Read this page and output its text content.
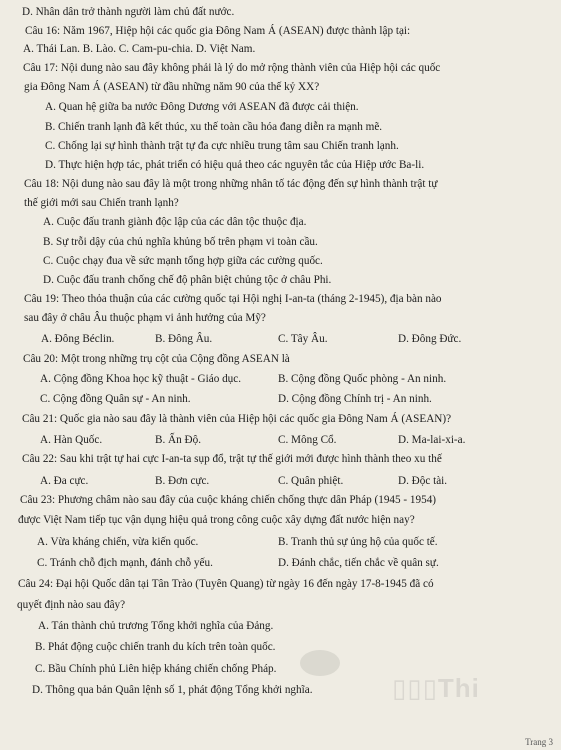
D. Nhân dân trở thành người làm chủ đất nước.
Câu 16: Năm 1967, Hiệp hội các quốc gia Đông Nam Á (ASEAN) được thành lập tại:
A. Thái Lan. B. Lào. C. Cam-pu-chia. D. Việt Nam.
Câu 17: Nội dung nào sau đây không phải là lý do mở rộng thành viên của Hiệp hội các quốc
gia Đông Nam Á (ASEAN) từ đầu những năm 90 của thế kỷ XX?
A. Quan hệ giữa ba nước Đông Dương với ASEAN đã được cải thiện.
B. Chiến tranh lạnh đã kết thúc, xu thế toàn cầu hóa đang diễn ra mạnh mẽ.
C. Chống lại sự hình thành trật tự đa cực nhiều trung tâm sau Chiến tranh lạnh.
D. Thực hiện hợp tác, phát triển có hiệu quả theo các nguyên tắc của Hiệp ước Ba-li.
Câu 18: Nội dung nào sau đây là một trong những nhân tố tác động đến sự hình thành trật tự
thế giới mới sau Chiến tranh lạnh?
A. Cuộc đấu tranh giành độc lập của các dân tộc thuộc địa.
B. Sự trỗi dậy của chủ nghĩa khủng bố trên phạm vi toàn cầu.
C. Cuộc chạy đua về sức mạnh tổng hợp giữa các cường quốc.
D. Cuộc đấu tranh chống chế độ phân biệt chủng tộc ở châu Phi.
Câu 19: Theo thỏa thuận của các cường quốc tại Hội nghị I-an-ta (tháng 2-1945), địa bàn nào
sau đây ở châu Âu thuộc phạm vi ảnh hưởng của Mỹ?
A. Đông Béclin.	B. Đông Âu.	C. Tây Âu.	D. Đông Đức.
Câu 20: Một trong những trụ cột của Cộng đồng ASEAN là
A. Cộng đồng Khoa học kỹ thuật - Giáo dục.	B. Cộng đồng Quốc phòng - An ninh.
C. Cộng đồng Quân sự - An ninh.	D. Cộng đồng Chính trị - An ninh.
Câu 21: Quốc gia nào sau đây là thành viên của Hiệp hội các quốc gia Đông Nam Á (ASEAN)?
A. Hàn Quốc.	B. Ấn Độ.	C. Mông Cổ.	D. Ma-lai-xi-a.
Câu 22: Sau khi trật tự hai cực I-an-ta sụp đổ, trật tự thế giới mới được hình thành theo xu thế
A. Đa cực.	B. Đơn cực.	C. Quân phiệt.	D. Độc tài.
Câu 23: Phương châm nào sau đây của cuộc kháng chiến chống thực dân Pháp (1945 - 1954)
được Việt Nam tiếp tục vận dụng hiệu quả trong công cuộc xây dựng đất nước hiện nay?
A. Vừa kháng chiến, vừa kiến quốc.	B. Tranh thủ sự ủng hộ của quốc tế.
C. Tránh chỗ địch mạnh, đánh chỗ yếu.	D. Đánh chắc, tiến chắc về quân sự.
Câu 24: Đại hội Quốc dân tại Tân Trào (Tuyên Quang) từ ngày 16 đến ngày 17-8-1945 đã có
quyết định nào sau đây?
A. Tán thành chủ trương Tổng khởi nghĩa của Đảng.
B. Phát động cuộc chiến tranh du kích trên toàn quốc.
C. Bầu Chính phủ Liên hiệp kháng chiến chống Pháp.
D. Thông qua bản Quân lệnh số 1, phát động Tổng khởi nghĩa.	▯▯▯Thi
Trang 3
